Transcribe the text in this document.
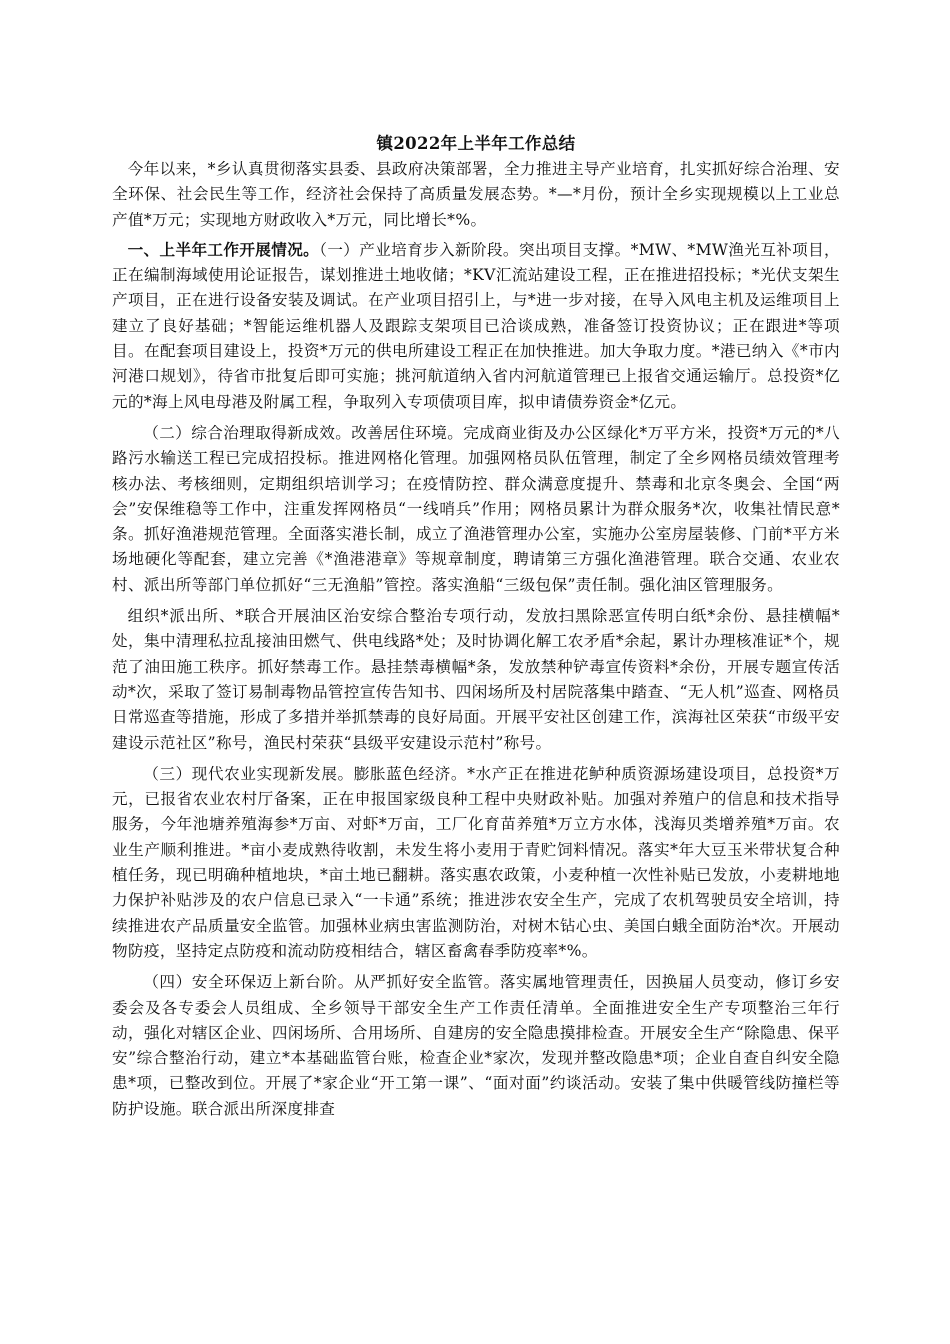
镇2022年上半年工作总结

今年以来，*乡认真贯彻落实县委、县政府决策部署，全力推进主导产业培育，扎实抓好综合治理、安全环保、社会民生等工作，经济社会保持了高质量发展态势。*—*月份，预计全乡实现规模以上工业总产值*万元；实现地方财政收入*万元，同比增长*%。

一、上半年工作开展情况。（一）产业培育步入新阶段。突出项目支撑。*MW、*MW渔光互补项目，正在编制海域使用论证报告，谋划推进土地收储；*KV汇流站建设工程，正在推进招投标；*光伏支架生产项目，正在进行设备安装及调试。在产业项目招引上，与*进一步对接，在导入风电主机及运维项目上建立了良好基础；*智能运维机器人及跟踪支架项目已洽谈成熟，准备签订投资协议；正在跟进*等项目。在配套项目建设上，投资*万元的供电所建设工程正在加快推进。加大争取力度。*港已纳入《*市内河港口规划》，待省市批复后即可实施；挑河航道纳入省内河航道管理已上报省交通运输厅。总投资*亿元的*海上风电母港及附属工程，争取列入专项债项目库，拟申请债券资金*亿元。

（二）综合治理取得新成效。改善居住环境。完成商业街及办公区绿化*万平方米，投资*万元的*八路污水输送工程已完成招投标。推进网格化管理。加强网格员队伍管理，制定了全乡网格员绩效管理考核办法、考核细则，定期组织培训学习；在疫情防控、群众满意度提升、禁毒和北京冬奥会、全国“两会”安保维稳等工作中，注重发挥网格员“一线哨兵”作用；网格员累计为群众服务*次，收集社情民意*条。抓好渔港规范管理。全面落实港长制，成立了渔港管理办公室，实施办公室房屋装修、门前*平方米场地硬化等配套，建立完善《*渔港港章》等规章制度，聘请第三方强化渔港管理。联合交通、农业农村、派出所等部门单位抓好“三无渔船”管控。落实渔船“三级包保”责任制。强化油区管理服务。

组织*派出所、*联合开展油区治安综合整治专项行动，发放扫黑除恶宣传明白纸*余份、悬挂横幅*处，集中清理私拉乱接油田燃气、供电线路*处；及时协调化解工农矛盾*余起，累计办理核准证*个，规范了油田施工秩序。抓好禁毒工作。悬挂禁毒横幅*条，发放禁种铲毒宣传资料*余份，开展专题宣传活动*次，采取了签订易制毒物品管控宣传告知书、四闲场所及村居院落集中踏查、“无人机”巡查、网格员日常巡查等措施，形成了多措并举抓禁毒的良好局面。开展平安社区创建工作，滨海社区荣获“市级平安建设示范社区”称号，渔民村荣获“县级平安建设示范村”称号。

（三）现代农业实现新发展。膨胀蓝色经济。*水产正在推进花鲈种质资源场建设项目，总投资*万元，已报省农业农村厅备案，正在申报国家级良种工程中央财政补贴。加强对养殖户的信息和技术指导服务，今年池塘养殖海参*万亩、对虾*万亩，工厂化育苗养殖*万立方水体，浅海贝类增养殖*万亩。农业生产顺利推进。*亩小麦成熟待收割，未发生将小麦用于青贮饲料情况。落实*年大豆玉米带状复合种植任务，现已明确种植地块，*亩土地已翻耕。落实惠农政策，小麦种植一次性补贴已发放，小麦耕地地力保护补贴涉及的农户信息已录入“一卡通”系统；推进涉农安全生产，完成了农机驾驶员安全培训，持续推进农产品质量安全监管。加强林业病虫害监测防治，对树木钻心虫、美国白蛾全面防治*次。开展动物防疫，坚持定点防疫和流动防疫相结合，辖区畜禽春季防疫率*%。

（四）安全环保迈上新台阶。从严抓好安全监管。落实属地管理责任，因换届人员变动，修订乡安委会及各专委会人员组成、全乡领导干部安全生产工作责任清单。全面推进安全生产专项整治三年行动，强化对辖区企业、四闲场所、合用场所、自建房的安全隐患摸排检查。开展安全生产“除隐患、保平安”综合整治行动，建立*本基础监管台账，检查企业*家次，发现并整改隐患*项；企业自查自纠安全隐患*项，已整改到位。开展了*家企业“开工第一课”、“面对面”约谈活动。安装了集中供暖管线防撞栏等防护设施。联合派出所深度排查
